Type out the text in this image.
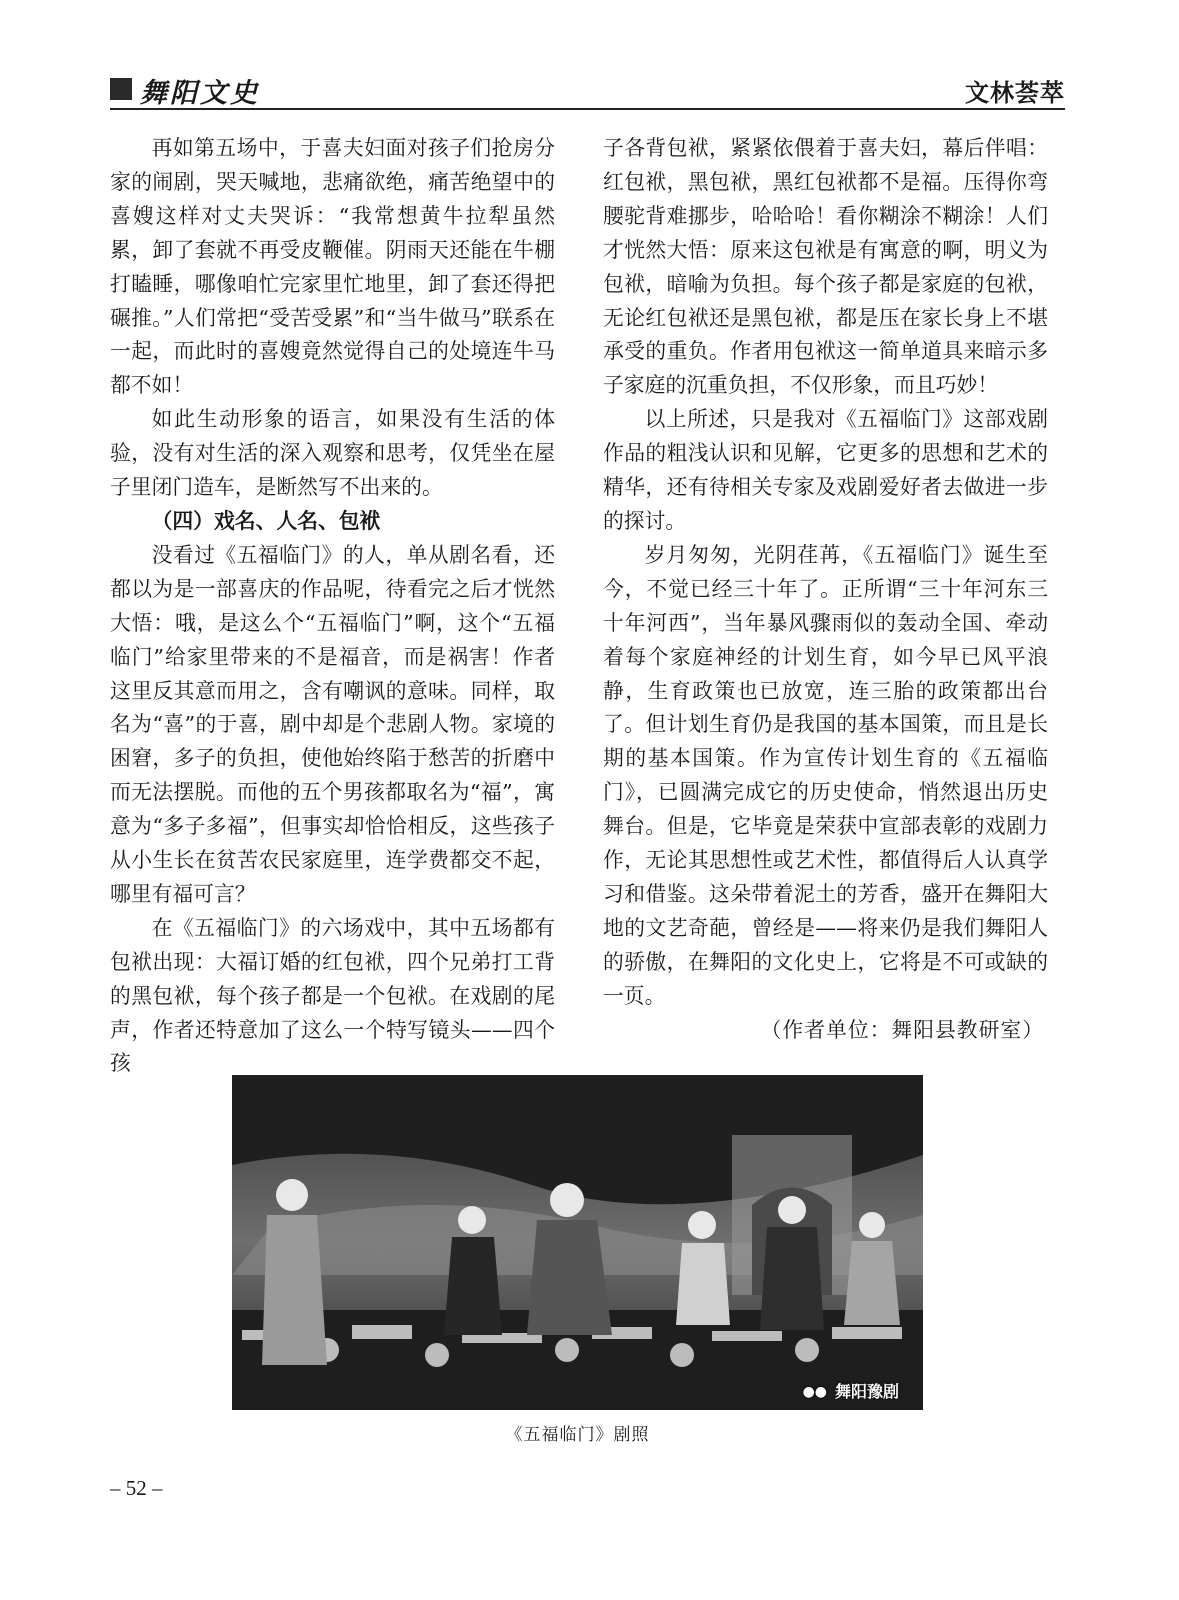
舞阳文史	文林荟萃

再如第五场中，于喜夫妇面对孩子们抢房分家的闹剧，哭天喊地，悲痛欲绝，痛苦绝望中的喜嫂这样对丈夫哭诉：“我常想黄牛拉犁虽然累，卸了套就不再受皮鞭催。阴雨天还能在牛棚打瞌睡，哪像咱忙完家里忙地里，卸了套还得把碾推。”人们常把“受苦受累”和“当牛做马”联系在一起，而此时的喜嫂竟然觉得自己的处境连牛马都不如！

如此生动形象的语言，如果没有生活的体验，没有对生活的深入观察和思考，仅凭坐在屋子里闭门造车，是断然写不出来的。

（四）戏名、人名、包袱

没看过《五福临门》的人，单从剧名看，还都以为是一部喜庆的作品呢，待看完之后才恍然大悟：哦，是这么个“五福临门”啊，这个“五福临门”给家里带来的不是福音，而是祸害！作者这里反其意而用之，含有嘲讽的意味。同样，取名为“喜”的于喜，剧中却是个悲剧人物。家境的困窘，多子的负担，使他始终陷于愁苦的折磨中而无法摆脱。而他的五个男孩都取名为“福”，寓意为“多子多福”，但事实却恰恰相反，这些孩子从小生长在贫苦农民家庭里，连学费都交不起，哪里有福可言？

在《五福临门》的六场戏中，其中五场都有包袱出现：大福订婚的红包袱，四个兄弟打工背的黑包袱，每个孩子都是一个包袱。在戏剧的尾声，作者还特意加了这么一个特写镜头——四个孩

子各背包袱，紧紧依偎着于喜夫妇，幕后伴唱：红包袱，黑包袱，黑红包袱都不是福。压得你弯腰驼背难挪步，哈哈哈！看你糊涂不糊涂！人们才恍然大悟：原来这包袱是有寓意的啊，明义为包袱，暗喻为负担。每个孩子都是家庭的包袱，无论红包袱还是黑包袱，都是压在家长身上不堪承受的重负。作者用包袱这一简单道具来暗示多子家庭的沉重负担，不仅形象，而且巧妙！

以上所述，只是我对《五福临门》这部戏剧作品的粗浅认识和见解，它更多的思想和艺术的精华，还有待相关专家及戏剧爱好者去做进一步的探讨。

岁月匆匆，光阴荏苒，《五福临门》诞生至今，不觉已经三十年了。正所谓“三十年河东三十年河西”，当年暴风骤雨似的轰动全国、牵动着每个家庭神经的计划生育，如今早已风平浪静，生育政策也已放宽，连三胎的政策都出台了。但计划生育仍是我国的基本国策，而且是长期的基本国策。作为宣传计划生育的《五福临门》，已圆满完成它的历史使命，悄然退出历史舞台。但是，它毕竟是荣获中宣部表彰的戏剧力作，无论其思想性或艺术性，都值得后人认真学习和借鉴。这朵带着泥土的芳香，盛开在舞阳大地的文艺奇葩，曾经是——将来仍是我们舞阳人的骄傲，在舞阳的文化史上，它将是不可或缺的一页。

（作者单位：舞阳县教研室）

●● 舞阳豫剧
《五福临门》剧照
– 52 –
